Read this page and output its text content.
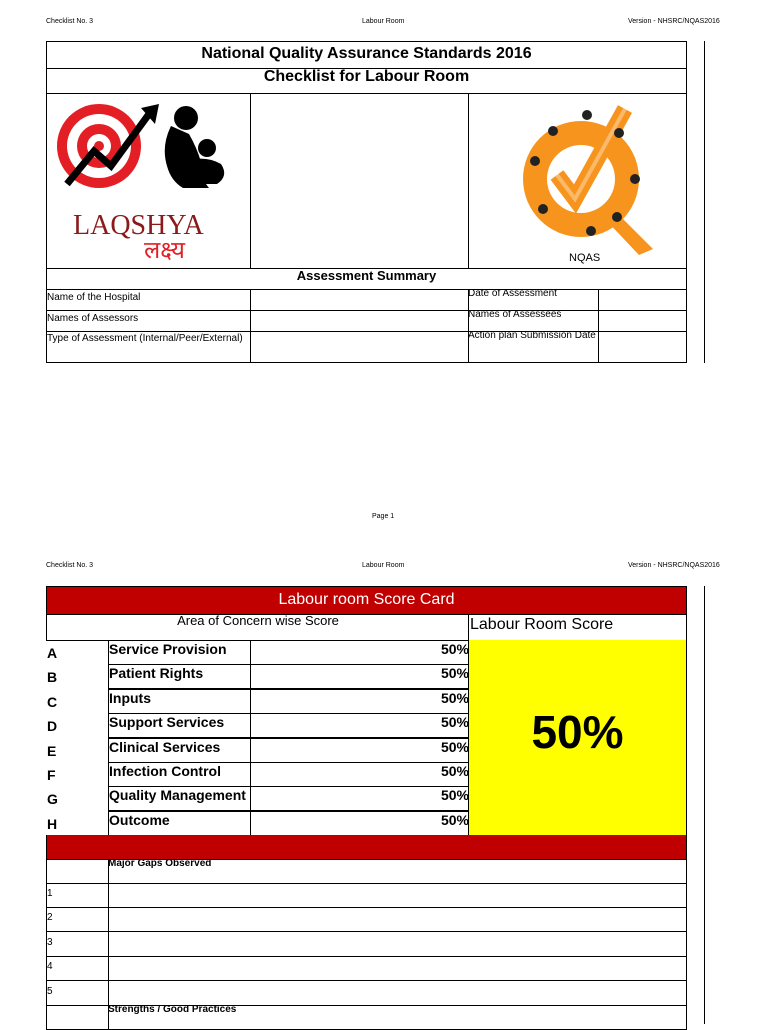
Checklist No. 3	Labour Room	Version - NHSRC/NQAS2016
National Quality Assurance Standards 2016
Checklist for Labour Room
LAQSHYA
लक्ष्य	NQAS
Assessment Summary
Name of the Hospital	Date of Assessment
Names of Assessors	Names of Assessees
Type of Assessment (Internal/Peer/External)	Action plan Submission Date
Page 1
Checklist No. 3	Labour Room	Version - NHSRC/NQAS2016
Labour room Score Card
Area of Concern wise Score	Labour Room Score
50%
A	Service Provision	50%
B	Patient Rights	50%
C	Inputs	50%
D	Support Services	50%
E	Clinical Services	50%
F	Infection Control	50%
G	Quality Management	50%
H	Outcome	50%
Major Gaps Observed
1
2
3
4
5
Strengths / Good Practices
